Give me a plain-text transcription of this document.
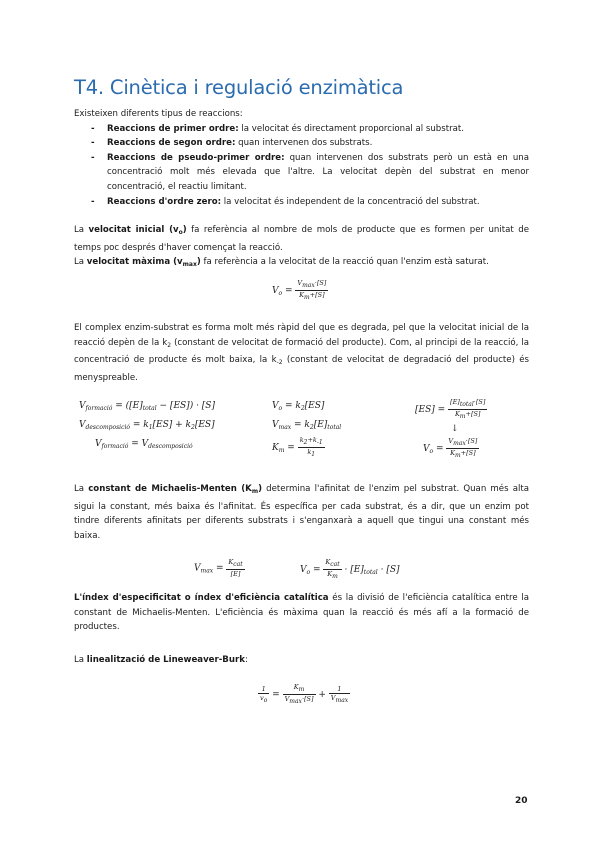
T4. Cinètica i regulació enzimàtica
Existeixen diferents tipus de reaccions:
- Reaccions de primer ordre: la velocitat és directament proporcional al substrat.
- Reaccions de segon ordre: quan intervenen dos substrats.
- Reaccions de pseudo-primer ordre: quan intervenen dos substrats però un està en una concentració molt més elevada que l'altre. La velocitat depèn del substrat en menor concentració, el reactiu limitant.
- Reaccions d'ordre zero: la velocitat és independent de la concentració del substrat.
La velocitat inicial $(v_o)$ fa referència al nombre de mols de producte que es formen per unitat de temps poc després d'haver començat la reacció.
La velocitat màxima $(v_{max})$ fa referència a la velocitat de la reacció quan l'enzim està saturat.
El complex enzim-substrat es forma molt més ràpid del que es degrada, pel que la velocitat inicial de la reacció depèn de la $k_2$ (constant de velocitat de formació del producte). Com, al principi de la reacció, la concentració de producte és molt baixa, la $k_{-2}$ (constant de velocitat de degradació del producte) és menyspreable.
La constant de Michaelis-Menten $(K_m)$ determina l'afinitat de l'enzim pel substrat. Quan més alta sigui la constant, més baixa és l'afinitat. És específica per cada substrat, és a dir, que un enzim pot tindre diferents afinitats per diferents substrats i s'enganxarà a aquell que tingui una constant més baixa.
L'índex d'especificitat o índex d'eficiència catalítica és la divisió de l'eficiència catalítica entre la constant de Michaelis-Menten. L'eficiència és màxima quan la reacció és més afí a la formació de productes.
La linealització de Lineweaver-Burk:
$V_o = \frac{V_{max}\cdot[S]}{K_m+[S]}$
$V_{formació} = ([E]_{total} - [ES]) \cdot [S]$
$V_{descomposició} = k_1[ES] + k_2[ES]$
$V_{formació} = V_{descomposició}$
$V_o = k_2[ES]$
$V_{max} = k_2[E]_{total}$
$K_m = \frac{k_2+k_{-1}}{k_1}$
$[ES] = \frac{[E]_{total}\cdot[S]}{K_m+[S]}$
↓
$V_o = \frac{V_{max}\cdot[S]}{K_m+[S]}$
$V_{max} = \frac{K_{cat}}{[E]}$	$V_o = \frac{K_{cat}}{K_m} \cdot [E]_{total} \cdot [S]$
$\frac{1}{v_o} = \frac{K_m}{V_{max}\cdot[S]} + \frac{1}{V_{max}}$
20
